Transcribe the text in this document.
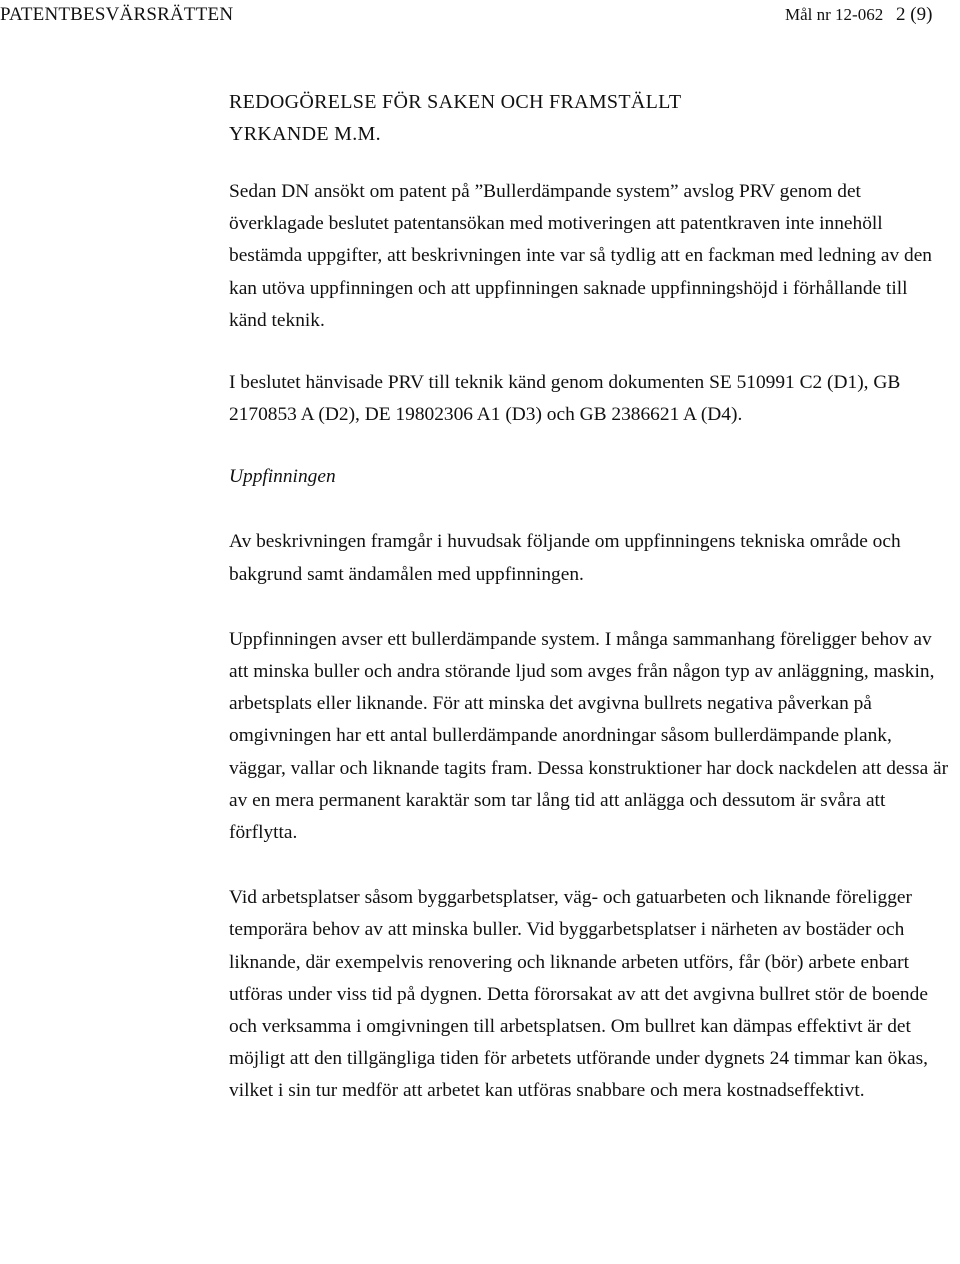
PATENTBESVÄRSRÄTTEN	Mål nr 12-062 2 (9)
REDOGÖRELSE FÖR SAKEN OCH FRAMSTÄLLT YRKANDE M.M.

Sedan DN ansökt om patent på ”Bullerdämpande system” avslog PRV genom det överklagade beslutet patentansökan med motiveringen att patentkraven inte innehöll bestämda uppgifter, att beskrivningen inte var så tydlig att en fackman med ledning av den kan utöva uppfinningen och att uppfinningen saknade uppfinningshöjd i förhållande till känd teknik.

I beslutet hänvisade PRV till teknik känd genom dokumenten SE 510991 C2 (D1), GB 2170853 A (D2), DE 19802306 A1 (D3) och GB 2386621 A (D4).

Uppfinningen

Av beskrivningen framgår i huvudsak följande om uppfinningens tekniska område och bakgrund samt ändamålen med uppfinningen.

Uppfinningen avser ett bullerdämpande system. I många sammanhang föreligger behov av att minska buller och andra störande ljud som avges från någon typ av anläggning, maskin, arbetsplats eller liknande. För att minska det avgivna bullrets negativa påverkan på omgivningen har ett antal bullerdämpande anordningar såsom bullerdämpande plank, väggar, vallar och liknande tagits fram. Dessa konstruktioner har dock nackdelen att dessa är av en mera permanent karaktär som tar lång tid att anlägga och dessutom är svåra att förflytta.

Vid arbetsplatser såsom byggarbetsplatser, väg- och gatuarbeten och liknande föreligger temporära behov av att minska buller. Vid byggarbetsplatser i närheten av bostäder och liknande, där exempelvis renovering och liknande arbeten utförs, får (bör) arbete enbart utföras under viss tid på dygnen. Detta förorsakat av att det avgivna bullret stör de boende och verksamma i omgivningen till arbetsplatsen. Om bullret kan dämpas effektivt är det möjligt att den tillgängliga tiden för arbetets utförande under dygnets 24 timmar kan ökas, vilket i sin tur medför att arbetet kan utföras snabbare och mera kostnadseffektivt.
